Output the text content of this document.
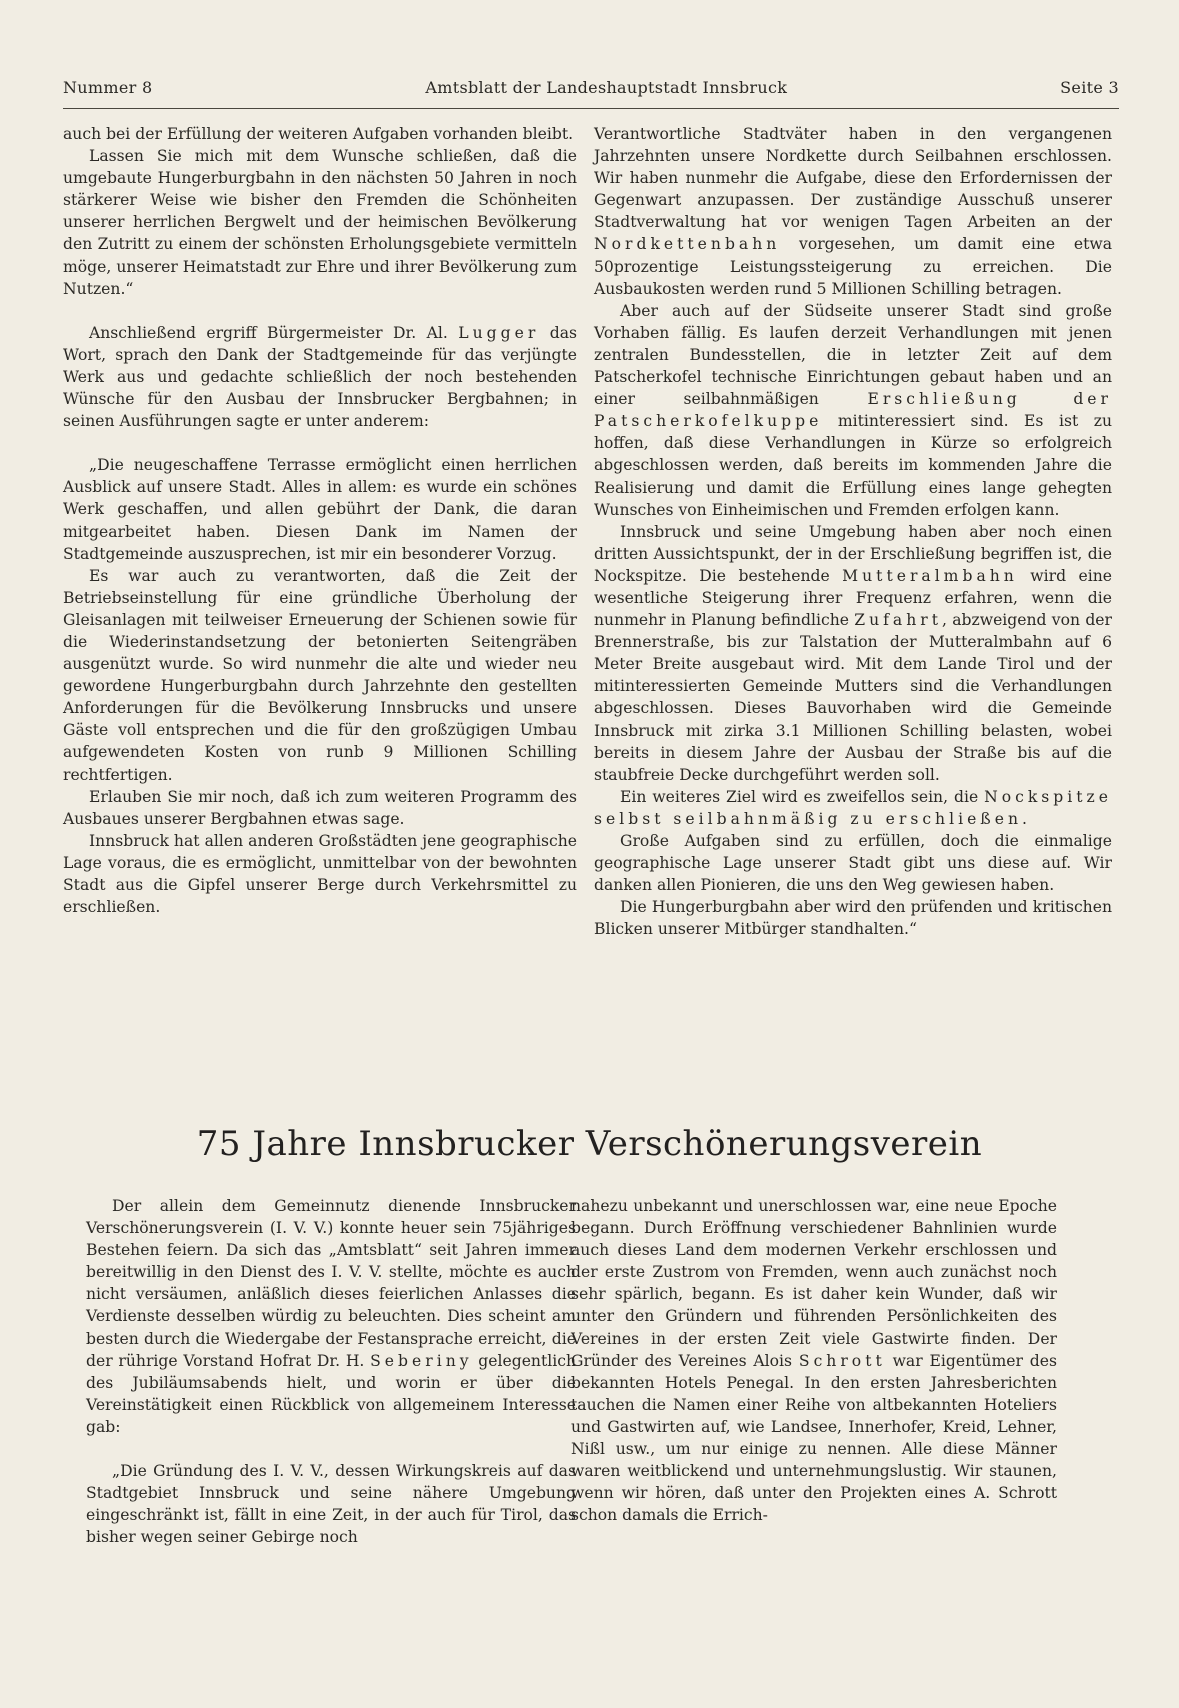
Nummer 8	Amtsblatt der Landeshauptstadt Innsbruck	Seite 3

auch bei der Erfüllung der weiteren Aufgaben vorhanden bleibt.

Lassen Sie mich mit dem Wunsche schließen, daß die umgebaute Hungerburgbahn in den nächsten 50 Jahren in noch stärkerer Weise wie bisher den Fremden die Schönheiten unserer herrlichen Bergwelt und der heimischen Bevölkerung den Zutritt zu einem der schönsten Erholungsgebiete vermitteln möge, unserer Heimatstadt zur Ehre und ihrer Bevölkerung zum Nutzen.“

Anschließend ergriff Bürgermeister Dr. Al. Lugger das Wort, sprach den Dank der Stadtgemeinde für das verjüngte Werk aus und gedachte schließlich der noch bestehenden Wünsche für den Ausbau der Innsbrucker Bergbahnen; in seinen Ausführungen sagte er unter anderem:

„Die neugeschaffene Terrasse ermöglicht einen herrlichen Ausblick auf unsere Stadt. Alles in allem: es wurde ein schönes Werk geschaffen, und allen gebührt der Dank, die daran mitgearbeitet haben. Diesen Dank im Namen der Stadtgemeinde auszusprechen, ist mir ein besonderer Vorzug.

Es war auch zu verantworten, daß die Zeit der Betriebseinstellung für eine gründliche Überholung der Gleisanlagen mit teilweiser Erneuerung der Schienen sowie für die Wiederinstandsetzung der betonierten Seitengräben ausgenützt wurde. So wird nunmehr die alte und wieder neu gewordene Hungerburgbahn durch Jahrzehnte den gestellten Anforderungen für die Bevölkerung Innsbrucks und unsere Gäste voll entsprechen und die für den großzügigen Umbau aufgewendeten Kosten von runb 9 Millionen Schilling rechtfertigen.

Erlauben Sie mir noch, daß ich zum weiteren Programm des Ausbaues unserer Bergbahnen etwas sage.

Innsbruck hat allen anderen Großstädten jene geographische Lage voraus, die es ermöglicht, unmittelbar von der bewohnten Stadt aus die Gipfel unserer Berge durch Verkehrsmittel zu erschließen.

Verantwortliche Stadtväter haben in den vergangenen Jahrzehnten unsere Nordkette durch Seilbahnen erschlossen. Wir haben nunmehr die Aufgabe, diese den Erfordernissen der Gegenwart anzupassen. Der zuständige Ausschuß unserer Stadtverwaltung hat vor wenigen Tagen Arbeiten an der Nordkettenbahn vorgesehen, um damit eine etwa 50prozentige Leistungssteigerung zu erreichen. Die Ausbaukosten werden rund 5 Millionen Schilling betragen.

Aber auch auf der Südseite unserer Stadt sind große Vorhaben fällig. Es laufen derzeit Verhandlungen mit jenen zentralen Bundesstellen, die in letzter Zeit auf dem Patscherkofel technische Einrichtungen gebaut haben und an einer seilbahnmäßigen Erschließung der Patscherkofelkuppe mitinteressiert sind. Es ist zu hoffen, daß diese Verhandlungen in Kürze so erfolgreich abgeschlossen werden, daß bereits im kommenden Jahre die Realisierung und damit die Erfüllung eines lange gehegten Wunsches von Einheimischen und Fremden erfolgen kann.

Innsbruck und seine Umgebung haben aber noch einen dritten Aussichtspunkt, der in der Erschließung begriffen ist, die Nockspitze. Die bestehende Mutteralmbahn wird eine wesentliche Steigerung ihrer Frequenz erfahren, wenn die nunmehr in Planung befindliche Zufahrt, abzweigend von der Brennerstraße, bis zur Talstation der Mutteralmbahn auf 6 Meter Breite ausgebaut wird. Mit dem Lande Tirol und der mitinteressierten Gemeinde Mutters sind die Verhandlungen abgeschlossen. Dieses Bauvorhaben wird die Gemeinde Innsbruck mit zirka 3.1 Millionen Schilling belasten, wobei bereits in diesem Jahre der Ausbau der Straße bis auf die staubfreie Decke durchgeführt werden soll.

Ein weiteres Ziel wird es zweifellos sein, die Nockspitze selbst seilbahnmäßig zu erschließen.

Große Aufgaben sind zu erfüllen, doch die einmalige geographische Lage unserer Stadt gibt uns diese auf. Wir danken allen Pionieren, die uns den Weg gewiesen haben.

Die Hungerburgbahn aber wird den prüfenden und kritischen Blicken unserer Mitbürger standhalten.“

75 Jahre Innsbrucker Verschönerungsverein

Der allein dem Gemeinnutz dienende Innsbrucker Verschönerungsverein (I. V. V.) konnte heuer sein 75jähriges Bestehen feiern. Da sich das „Amtsblatt“ seit Jahren immer bereitwillig in den Dienst des I. V. V. stellte, möchte es auch nicht versäumen, anläßlich dieses feierlichen Anlasses die Verdienste desselben würdig zu beleuchten. Dies scheint am besten durch die Wiedergabe der Festansprache erreicht, die der rührige Vorstand Hofrat Dr. H. Seberiny gelegentlich des Jubiläumsabends hielt, und worin er über die Vereinstätigkeit einen Rückblick von allgemeinem Interesse gab:

„Die Gründung des I. V. V., dessen Wirkungskreis auf das Stadtgebiet Innsbruck und seine nähere Umgebung eingeschränkt ist, fällt in eine Zeit, in der auch für Tirol, das bisher wegen seiner Gebirge noch

nahezu unbekannt und unerschlossen war, eine neue Epoche begann. Durch Eröffnung verschiedener Bahnlinien wurde auch dieses Land dem modernen Verkehr erschlossen und der erste Zustrom von Fremden, wenn auch zunächst noch sehr spärlich, begann. Es ist daher kein Wunder, daß wir unter den Gründern und führenden Persönlichkeiten des Vereines in der ersten Zeit viele Gastwirte finden. Der Gründer des Vereines Alois Schrott war Eigentümer des bekannten Hotels Penegal. In den ersten Jahresberichten tauchen die Namen einer Reihe von altbekannten Hoteliers und Gastwirten auf, wie Landsee, Innerhofer, Kreid, Lehner, Nißl usw., um nur einige zu nennen. Alle diese Männer waren weitblickend und unternehmungslustig. Wir staunen, wenn wir hören, daß unter den Projekten eines A. Schrott schon damals die Errich-
